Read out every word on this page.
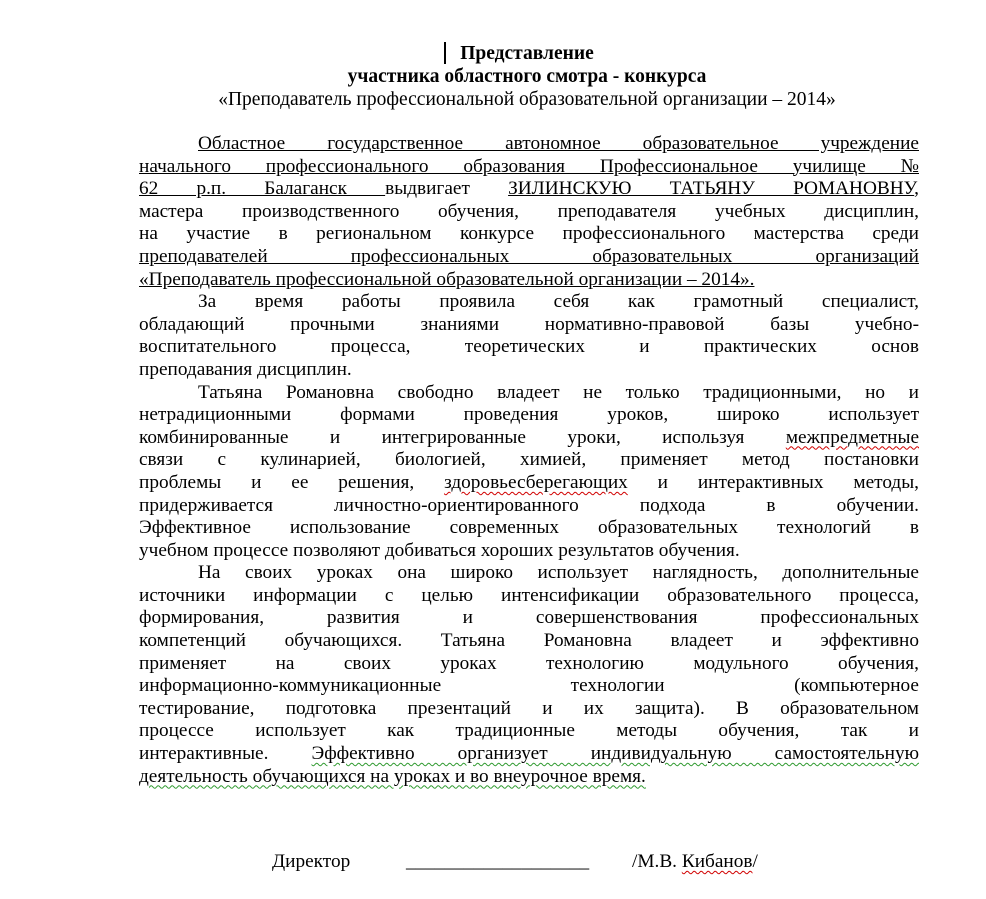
Представление
участника областного смотра - конкурса
«Преподаватель профессиональной образовательной организации – 2014»
Областное государственное автономное образовательное учреждение
начального профессионального образования Профессиональное училище №
62 р.п. Балаганск выдвигает ЗИЛИНСКУЮ ТАТЬЯНУ РОМАНОВНУ,
мастера производственного обучения, преподавателя учебных дисциплин,
на участие в региональном конкурсе профессионального мастерства среди
преподавателей профессиональных образовательных организаций
«Преподаватель профессиональной образовательной организации – 2014».
За время работы проявила себя как грамотный специалист,
обладающий прочными знаниями нормативно-правовой базы учебно-
воспитательного процесса, теоретических и практических основ
преподавания дисциплин.
Татьяна Романовна свободно владеет не только традиционными, но и
нетрадиционными формами проведения уроков, широко использует
комбинированные и интегрированные уроки, используя межпредметные
связи с кулинарией, биологией, химией, применяет метод постановки
проблемы и ее решения, здоровьесберегающих и интерактивных методы,
придерживается личностно-ориентированного подхода в обучении.
Эффективное использование современных образовательных технологий в
учебном процессе позволяют добиваться хороших результатов обучения.
На своих уроках она широко использует наглядность, дополнительные
источники информации с целью интенсификации образовательного процесса,
формирования, развития и совершенствования профессиональных
компетенций обучающихся. Татьяна Романовна владеет и эффективно
применяет на своих уроках технологию модульного обучения,
информационно-коммуникационные технологии (компьютерное
тестирование, подготовка презентаций и их защита). В образовательном
процессе использует как традиционные методы обучения, так и
интерактивные. Эффективно организует индивидуальную самостоятельную
деятельность обучающихся на уроках и во внеурочное время.
Директор	___________________ /М.В. Кибанов/
